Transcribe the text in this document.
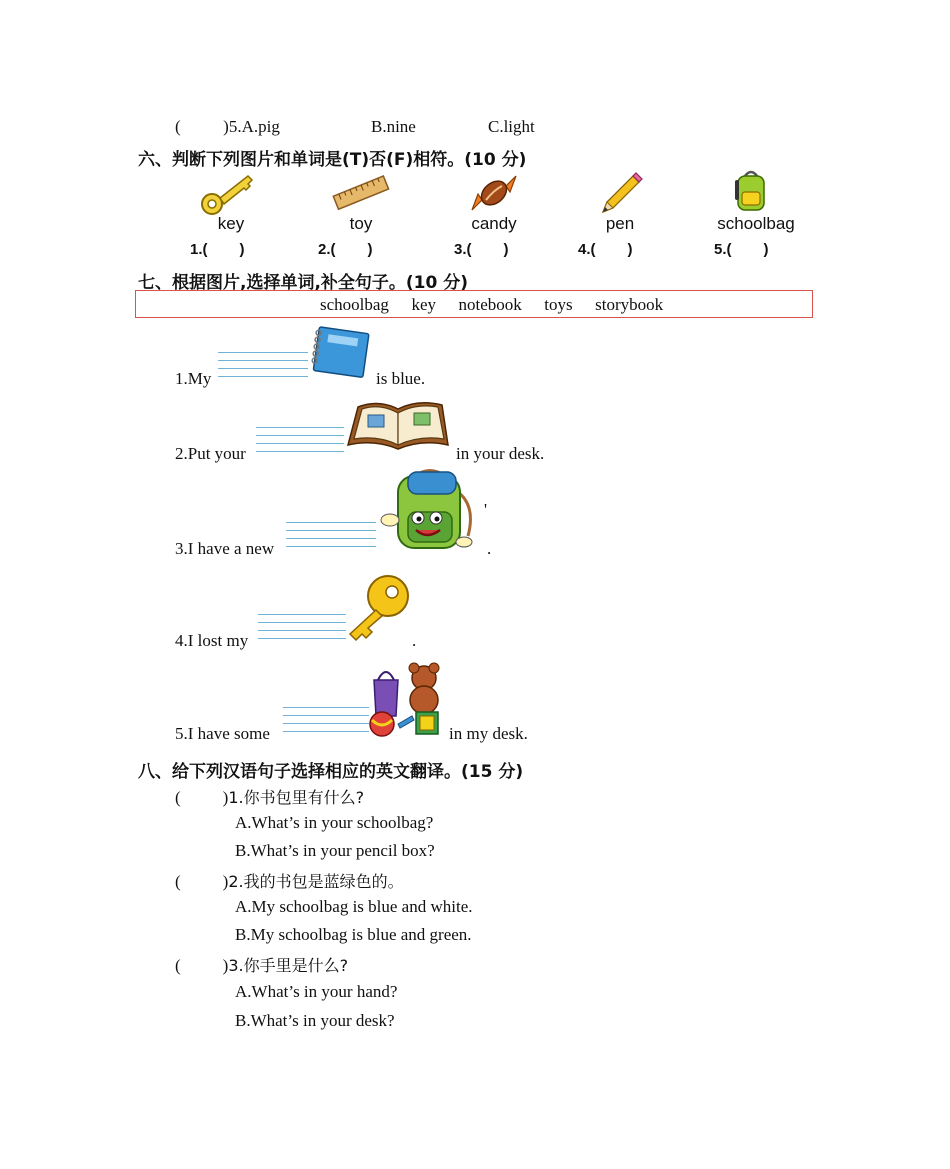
(	)5.A.pig	B.nine	C.light
六、判断下列图片和单词是(T)否(F)相符。(10 分)
key	toy	candy	pen	schoolbag
1.( )	2.( )	3.( )	4.( )	5.( )
七、根据图片,选择单词,补全句子。(10 分)
schoolbag key notebook toys storybook
1.My	is blue.
2.Put your	in your desk.
'
3.I have a new	.
4.I lost my	.
5.I have some	in my desk.
八、给下列汉语句子选择相应的英文翻译。(15 分)
( )1.你书包里有什么?
A.What’s in your schoolbag?
B.What’s in your pencil box?
( )2.我的书包是蓝绿色的。
A.My schoolbag is blue and white.
B.My schoolbag is blue and green.
( )3.你手里是什么?
A.What’s in your hand?
B.What’s in your desk?
